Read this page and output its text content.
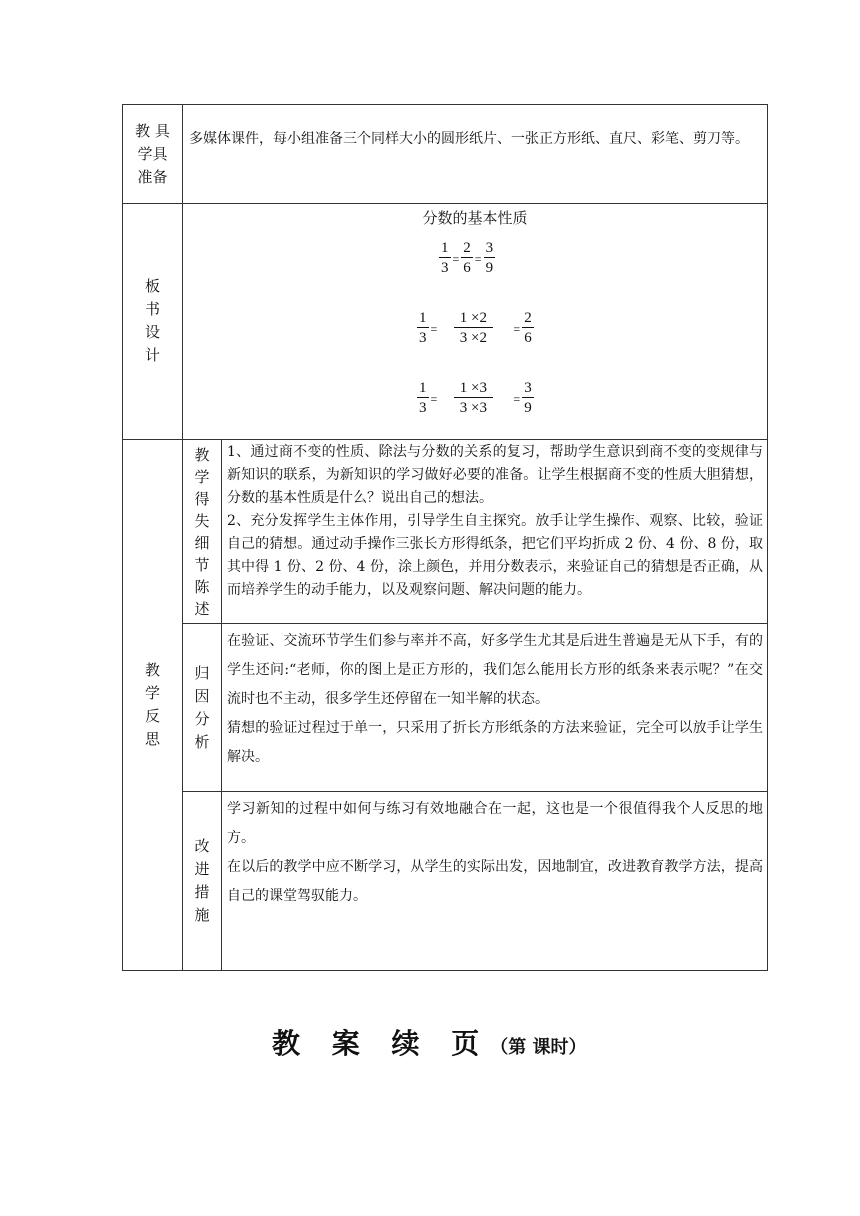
教 具
学具
准备

多媒体课件，每小组准备三个同样大小的圆形纸片、一张正方形纸、直尺、彩笔、剪刀等。

板
书
设
计
分数的基本性质
$\frac{1}{3} = \frac{2}{6} = \frac{3}{9}$
$\frac{1}{3} = \frac{1 \times 2}{3 \times 2} = \frac{2}{6}$
$\frac{1}{3} = \frac{1 \times 3}{3 \times 3} = \frac{3}{9}$
教
学
反
思
教
学
得
失
细
节
陈
述

1、通过商不变的性质、除法与分数的关系的复习，帮助学生意识到商不变的变规律与新知识的联系，为新知识的学习做好必要的准备。让学生根据商不变的性质大胆猜想，分数的基本性质是什么？说出自己的想法。

2、充分发挥学生主体作用，引导学生自主探究。放手让学生操作、观察、比较，验证自己的猜想。通过动手操作三张长方形得纸条，把它们平均折成 2 份、4 份、8 份，取其中得 1 份、2 份、4 份，涂上颜色，并用分数表示，来验证自己的猜想是否正确，从而培养学生的动手能力，以及观察问题、解决问题的能力。

归
因
分
析

在验证、交流环节学生们参与率并不高，好多学生尤其是后进生普遍是无从下手，有的学生还问:“老师，你的图上是正方形的，我们怎么能用长方形的纸条来表示呢？”在交流时也不主动，很多学生还停留在一知半解的状态。

猜想的验证过程过于单一，只采用了折长方形纸条的方法来验证，完全可以放手让学生解决。

改
进
措
施

学习新知的过程中如何与练习有效地融合在一起，这也是一个很值得我个人反思的地方。

在以后的教学中应不断学习，从学生的实际出发，因地制宜，改进教育教学方法，提高自己的课堂驾驭能力。

教 案 续 页（第 课时）
